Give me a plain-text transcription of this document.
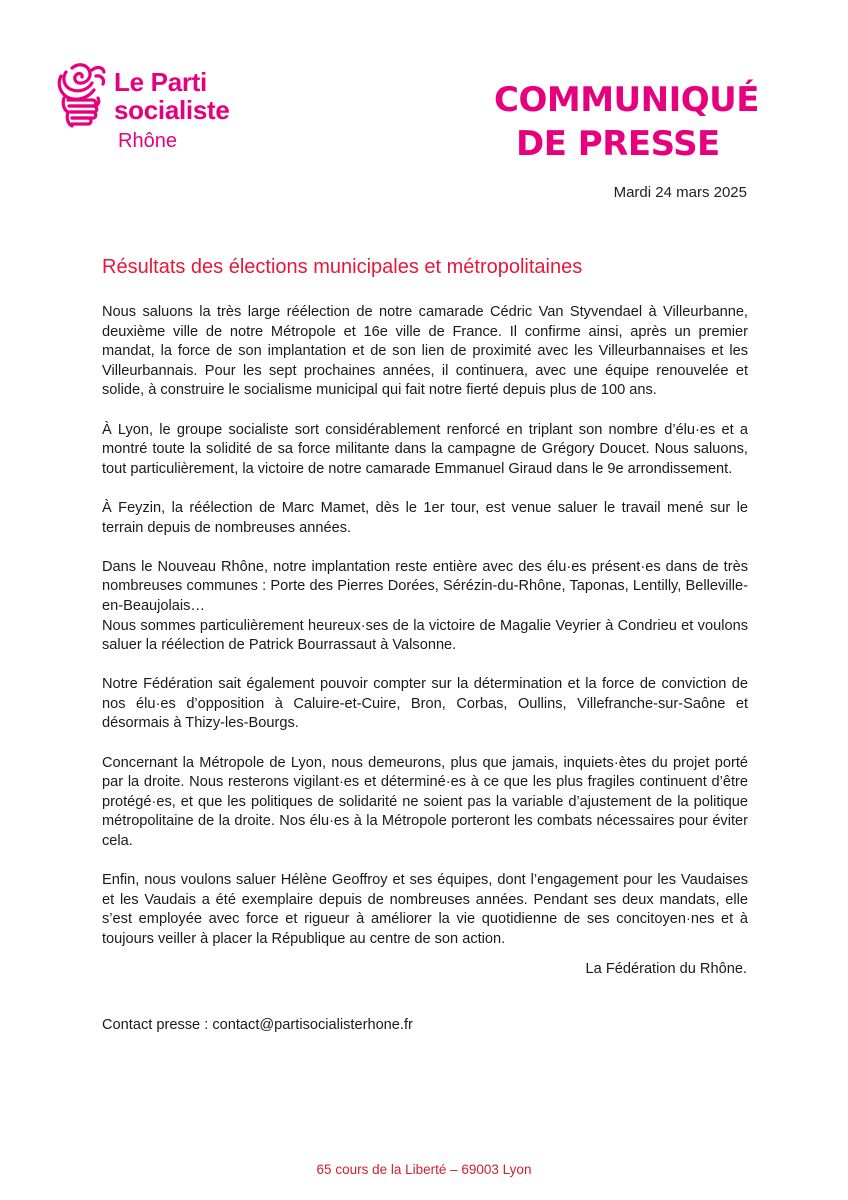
Le Parti
socialiste
Rhône
COMMUNIQUÉ
DE PRESSE
Mardi 24 mars 2025
Résultats des élections municipales et métropolitaines

Nous saluons la très large réélection de notre camarade Cédric Van Styvendael à Villeurbanne, deuxième ville de notre Métropole et 16e ville de France. Il confirme ainsi, après un premier mandat, la force de son implantation et de son lien de proximité avec les Villeurbannaises et les Villeurbannais. Pour les sept prochaines années, il continuera, avec une équipe renouvelée et solide, à construire le socialisme municipal qui fait notre fierté depuis plus de 100 ans.

À Lyon, le groupe socialiste sort considérablement renforcé en triplant son nombre d’élu·es et a montré toute la solidité de sa force militante dans la campagne de Grégory Doucet. Nous saluons, tout particulièrement, la victoire de notre camarade Emmanuel Giraud dans le 9e arrondissement.

À Feyzin, la réélection de Marc Mamet, dès le 1er tour, est venue saluer le travail mené sur le terrain depuis de nombreuses années.

Dans le Nouveau Rhône, notre implantation reste entière avec des élu·es présent·es dans de très nombreuses communes : Porte des Pierres Dorées, Sérézin-du-Rhône, Taponas, Lentilly, Belleville-en-Beaujolais…

Nous sommes particulièrement heureux·ses de la victoire de Magalie Veyrier à Condrieu et voulons saluer la réélection de Patrick Bourrassaut à Valsonne.

Notre Fédération sait également pouvoir compter sur la détermination et la force de conviction de nos élu·es d’opposition à Caluire-et-Cuire, Bron, Corbas, Oullins, Villefranche-sur-Saône et désormais à Thizy-les-Bourgs.

Concernant la Métropole de Lyon, nous demeurons, plus que jamais, inquiets·ètes du projet porté par la droite. Nous resterons vigilant·es et déterminé·es à ce que les plus fragiles continuent d’être protégé·es, et que les politiques de solidarité ne soient pas la variable d’ajustement de la politique métropolitaine de la droite. Nos élu·es à la Métropole porteront les combats nécessaires pour éviter cela.

Enfin, nous voulons saluer Hélène Geoffroy et ses équipes, dont l’engagement pour les Vaudaises et les Vaudais a été exemplaire depuis de nombreuses années. Pendant ses deux mandats, elle s’est employée avec force et rigueur à améliorer la vie quotidienne de ses concitoyen·nes et à toujours veiller à placer la République au centre de son action.

La Fédération du Rhône.
Contact presse : contact@partisocialisterhone.fr
65 cours de la Liberté – 69003 Lyon
